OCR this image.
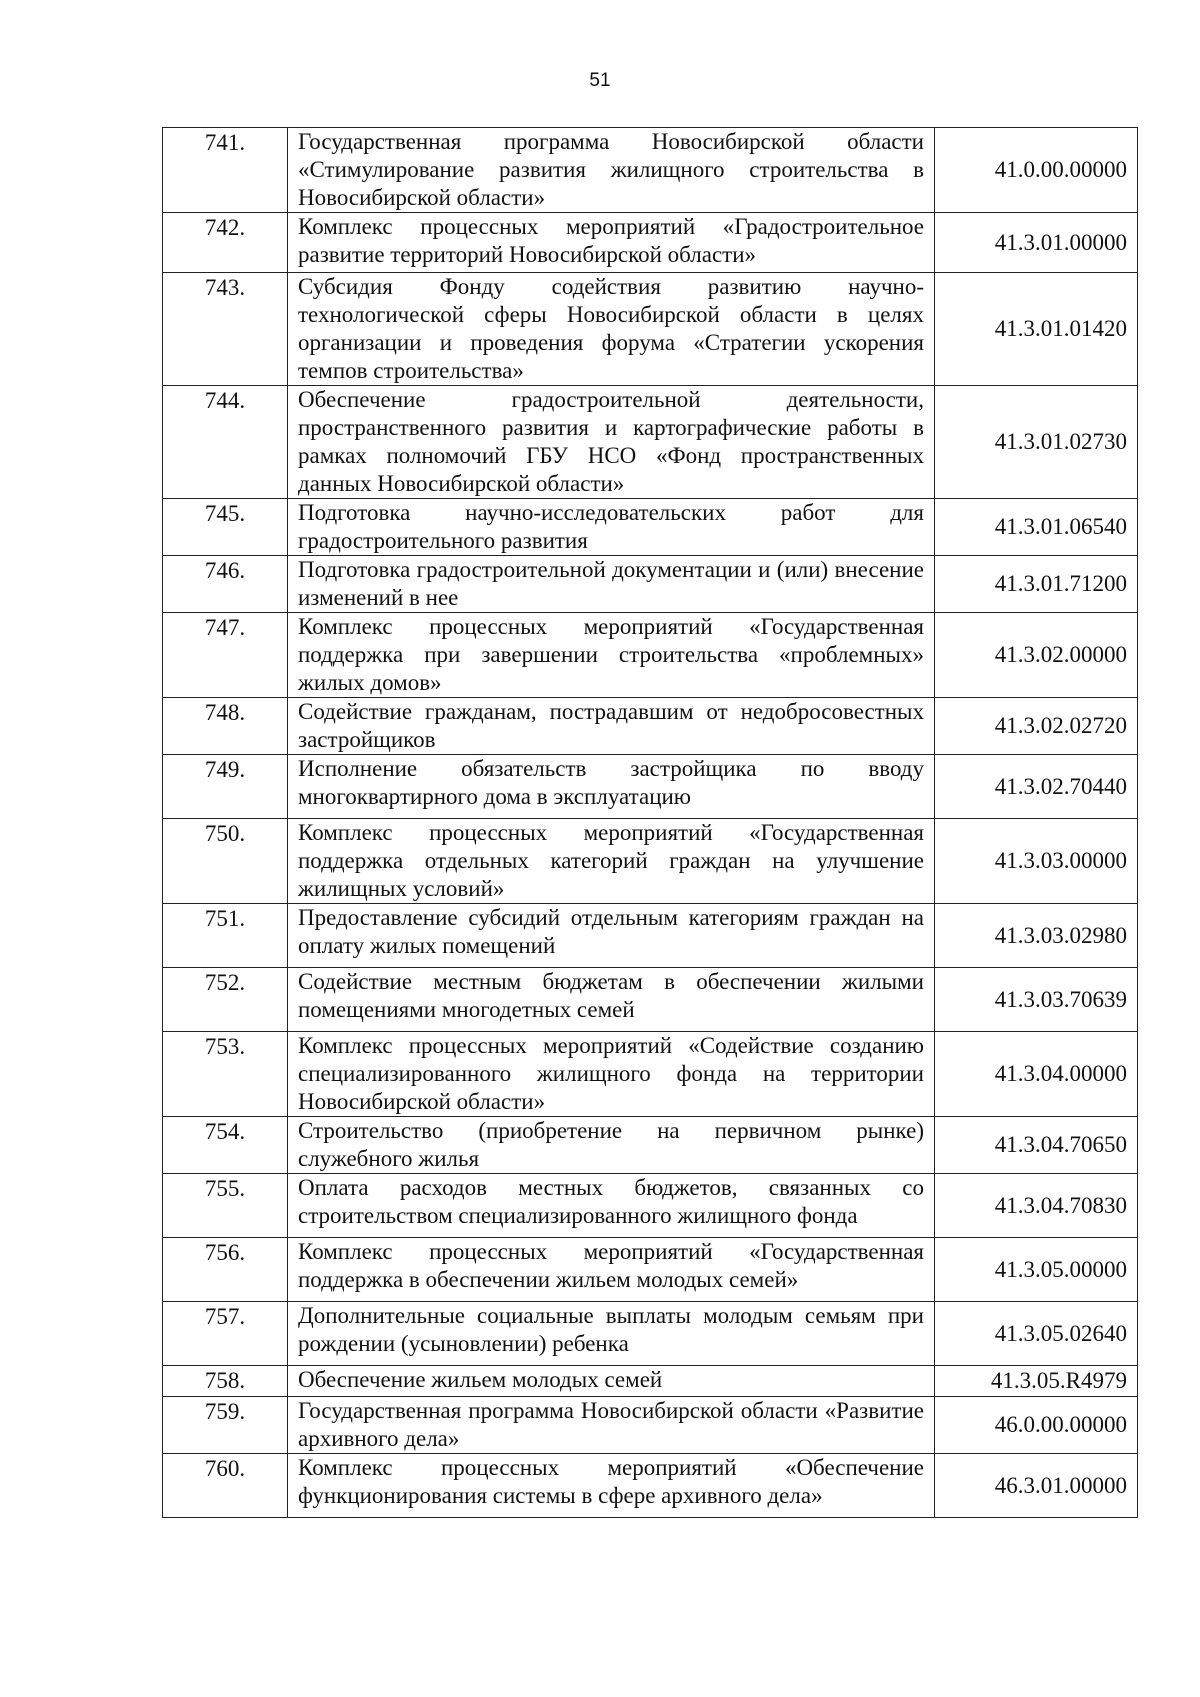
51
741.	Государственная программа Новосибирской области «Стимулирование развития жилищного строительства в Новосибирской области»	41.0.00.00000
742.	Комплекс процессных мероприятий «Градостроительное развитие территорий Новосибирской области»	41.3.01.00000
743.	Субсидия Фонду содействия развитию научно-технологической сферы Новосибирской области в целях организации и проведения форума «Стратегии ускорения темпов строительства»	41.3.01.01420
744.	Обеспечение градостроительной деятельности, пространственного развития и картографические работы в рамках полномочий ГБУ НСО «Фонд пространственных данных Новосибирской области»	41.3.01.02730
745.	Подготовка научно-исследовательских работ для градостроительного развития	41.3.01.06540
746.	Подготовка градостроительной документации и (или) внесение изменений в нее	41.3.01.71200
747.	Комплекс процессных мероприятий «Государственная поддержка при завершении строительства «проблемных» жилых домов»	41.3.02.00000
748.	Содействие гражданам, пострадавшим от недобросовестных застройщиков	41.3.02.02720
749.	Исполнение обязательств застройщика по вводу многоквартирного дома в эксплуатацию	41.3.02.70440
750.	Комплекс процессных мероприятий «Государственная поддержка отдельных категорий граждан на улучшение жилищных условий»	41.3.03.00000
751.	Предоставление субсидий отдельным категориям граждан на оплату жилых помещений	41.3.03.02980
752.	Содействие местным бюджетам в обеспечении жилыми помещениями многодетных семей	41.3.03.70639
753.	Комплекс процессных мероприятий «Содействие созданию специализированного жилищного фонда на территории Новосибирской области»	41.3.04.00000
754.	Строительство (приобретение на первичном рынке) служебного жилья	41.3.04.70650
755.	Оплата расходов местных бюджетов, связанных со строительством специализированного жилищного фонда	41.3.04.70830
756.	Комплекс процессных мероприятий «Государственная поддержка в обеспечении жильем молодых семей»	41.3.05.00000
757.	Дополнительные социальные выплаты молодым семьям при рождении (усыновлении) ребенка	41.3.05.02640
758.	Обеспечение жильем молодых семей	41.3.05.R4979
759.	Государственная программа Новосибирской области «Развитие архивного дела»	46.0.00.00000
760.	Комплекс процессных мероприятий «Обеспечение функционирования системы в сфере архивного дела»	46.3.01.00000
